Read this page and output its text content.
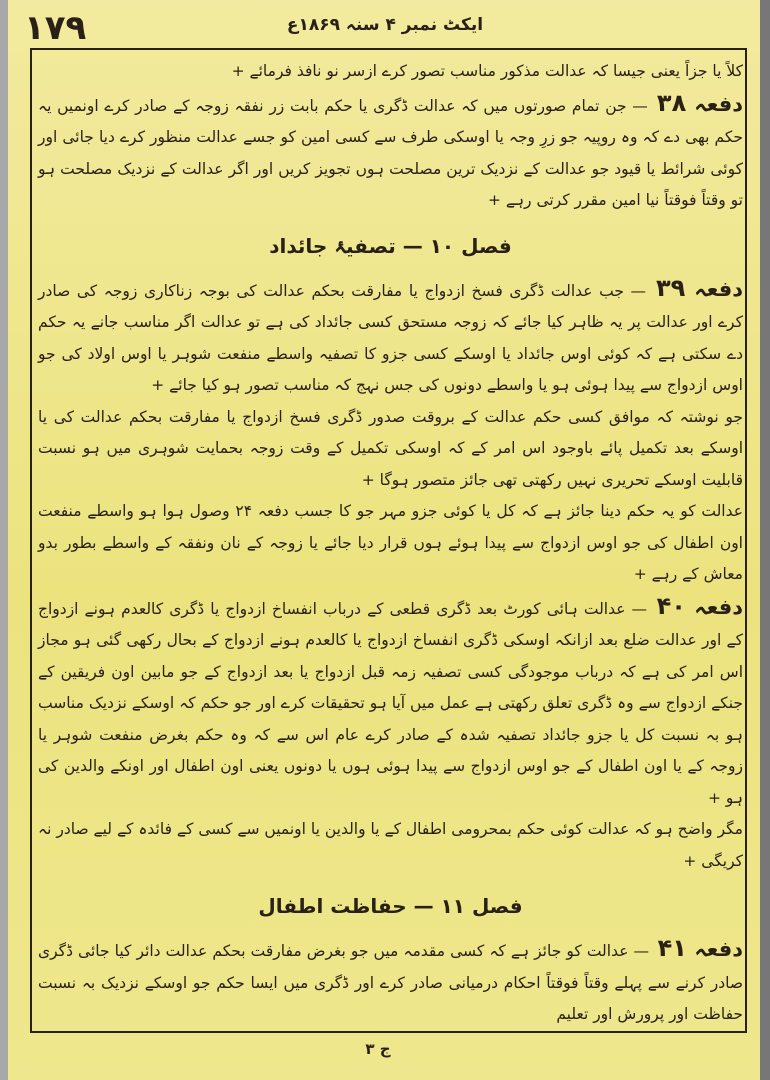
۱۷۹	ایکٹ نمبر ۴ سنہ ۱۸۶۹ع

کلاً یا جزاً یعنی جیسا کہ عدالت مذکور مناسب تصور کرے ازسر نو نافذ فرمائے +

دفعہ ۳۸ — جن تمام صورتوں میں کہ عدالت ڈگری یا حکم بابت زر نفقہ زوجہ کے صادر کرے اونمیں یہ حکم بھی دے کہ وہ روپیہ جو زرِ وجہ یا اوسکی طرف سے کسی امین کو جسے عدالت منظور کرے دیا جائی اور کوئی شرائط یا قیود جو عدالت کے نزدیک ترین مصلحت ہوں تجویز کریں اور اگر عدالت کے نزدیک مصلحت ہو تو وقتاً فوقتاً نیا امین مقرر کرتی رہے +

فصل ۱۰ — تصفیۂ جائداد

دفعہ ۳۹ — جب عدالت ڈگری فسخ ازدواج یا مفارقت بحکم عدالت کی بوجہ زناکاری زوجہ کی صادر کرے اور عدالت پر یہ ظاہر کیا جائے کہ زوجہ مستحق کسی جائداد کی ہے تو عدالت اگر مناسب جانے یہ حکم دے سکتی ہے کہ کوئی اوس جائداد یا اوسکے کسی جزو کا تصفیہ واسطے منفعت شوہر یا اوس اولاد کی جو اوس ازدواج سے پیدا ہوئی ہو یا واسطے دونوں کی جس نہج کہ مناسب تصور ہو کیا جائے +

جو نوشتہ کہ موافق کسی حکم عدالت کے بروقت صدور ڈگری فسخ ازدواج یا مفارقت بحکم عدالت کی یا اوسکے بعد تکمیل پائے باوجود اس امر کے کہ اوسکی تکمیل کے وقت زوجہ بحمایت شوہری میں ہو نسبت قابلیت اوسکے تحریری نہیں رکھتی تھی جائز متصور ہوگا +

عدالت کو یہ حکم دینا جائز ہے کہ کل یا کوئی جزو مہر جو کا جسب دفعہ ۲۴ وصول ہوا ہو واسطے منفعت اون اطفال کی جو اوس ازدواج سے پیدا ہوئے ہوں قرار دیا جائے یا زوجہ کے نان ونفقہ کے واسطے بطور بدو معاش کے رہے +

دفعہ ۴۰ — عدالت ہائی کورٹ بعد ڈگری قطعی کے درباب انفساخ ازدواج یا ڈگری کالعدم ہونے ازدواج کے اور عدالت ضلع بعد ازانکہ اوسکی ڈگری انفساخ ازدواج یا کالعدم ہونے ازدواج کے بحال رکھی گئی ہو مجاز اس امر کی ہے کہ درباب موجودگی کسی تصفیہ زمہ قبل ازدواج یا بعد ازدواج کے جو مابین اون فریقین کے جنکے ازدواج سے وہ ڈگری تعلق رکھتی ہے عمل میں آیا ہو تحقیقات کرے اور جو حکم کہ اوسکے نزدیک مناسب ہو بہ نسبت کل یا جزو جائداد تصفیہ شدہ کے صادر کرے عام اس سے کہ وہ حکم بغرض منفعت شوہر یا زوجہ کے یا اون اطفال کے جو اوس ازدواج سے پیدا ہوئی ہوں یا دونوں یعنی اون اطفال اور اونکے والدین کی ہو +

مگر واضح ہو کہ عدالت کوئی حکم بمحرومی اطفال کے یا والدین یا اونمیں سے کسی کے فائدہ کے لیے صادر نہ کریگی +

فصل ۱۱ — حفاظت اطفال

دفعہ ۴۱ — عدالت کو جائز ہے کہ کسی مقدمہ میں جو بغرض مفارقت بحکم عدالت دائر کیا جائی ڈگری صادر کرنے سے پہلے وقتاً فوقتاً احکام درمیانی صادر کرے اور ڈگری میں ایسا حکم جو اوسکے نزدیک بہ نسبت حفاظت اور پرورش اور تعلیم

ج ۳
